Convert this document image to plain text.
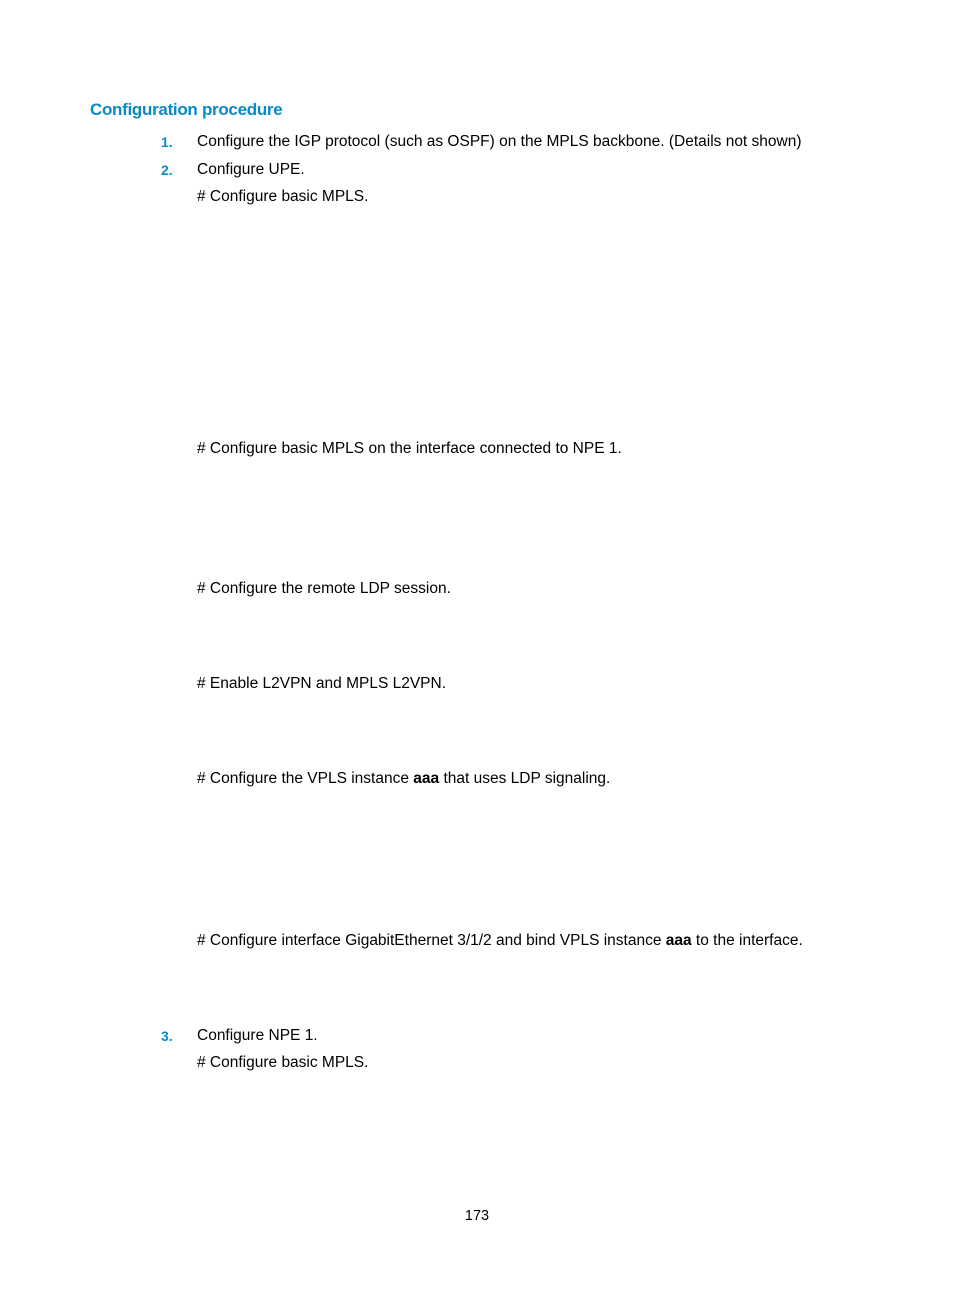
Configuration procedure
1. Configure the IGP protocol (such as OSPF) on the MPLS backbone. (Details not shown)
2. Configure UPE.
# Configure basic MPLS.
# Configure basic MPLS on the interface connected to NPE 1.
# Configure the remote LDP session.
# Enable L2VPN and MPLS L2VPN.
# Configure the VPLS instance aaa that uses LDP signaling.
# Configure interface GigabitEthernet 3/1/2 and bind VPLS instance aaa to the interface.
3. Configure NPE 1.
# Configure basic MPLS.
173
